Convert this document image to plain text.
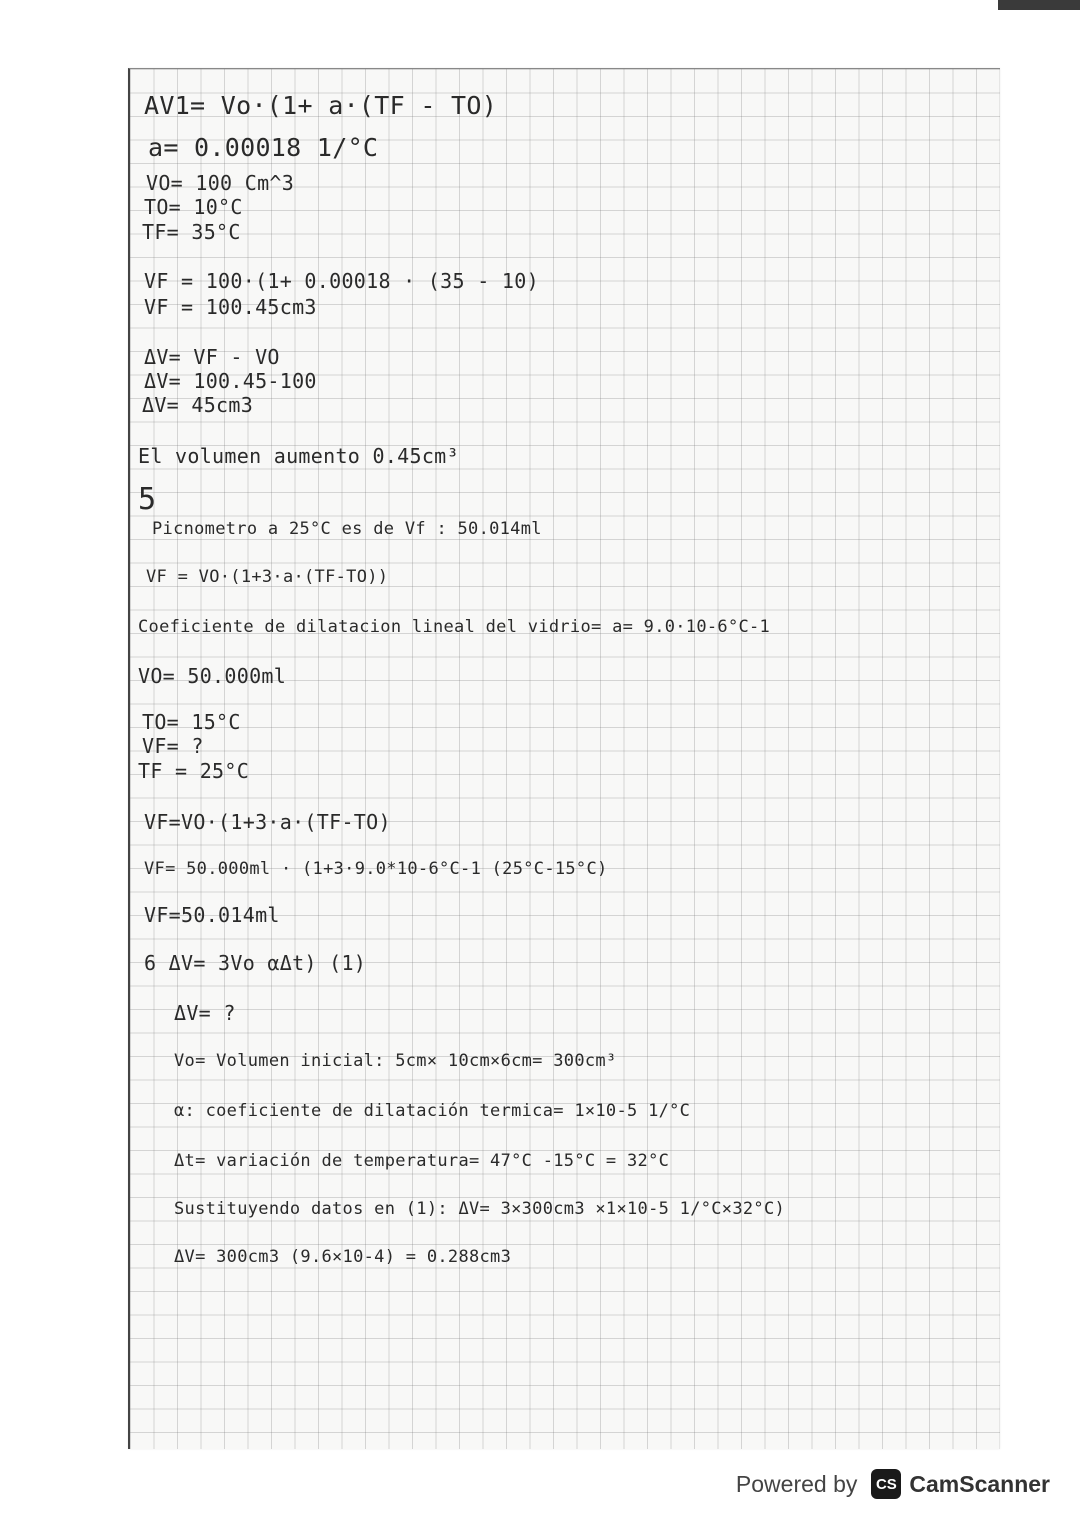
AV1= Vo·(1+ a·(TF - TO)

a= 0.00018 1/°C

VO= 100 Cm^3

TO= 10°C

TF= 35°C

VF = 100·(1+ 0.00018 · (35 - 10)

VF = 100.45cm3

ΔV= VF - VO

ΔV= 100.45-100

ΔV= 45cm3

El volumen aumento 0.45cm³

5

Picnometro a 25°C es de Vf : 50.014ml

VF = VO·(1+3·a·(TF-TO))

Coeficiente de dilatacion lineal del vidrio= a= 9.0·10-6°C-1

VO= 50.000ml

TO= 15°C

VF= ?

TF = 25°C

VF=VO·(1+3·a·(TF-TO)

VF= 50.000ml · (1+3·9.0*10-6°C-1 (25°C-15°C)

VF=50.014ml

6 ΔV= 3Vo αΔt) (1)

ΔV= ?

Vo= Volumen inicial: 5cm× 10cm×6cm= 300cm³

α: coeficiente de dilatación termica= 1×10-5 1/°C

Δt= variación de temperatura= 47°C -15°C = 32°C

Sustituyendo datos en (1): ΔV= 3×300cm3 ×1×10-5 1/°C×32°C)

ΔV= 300cm3 (9.6×10-4) = 0.288cm3

Powered by	CS CamScanner
